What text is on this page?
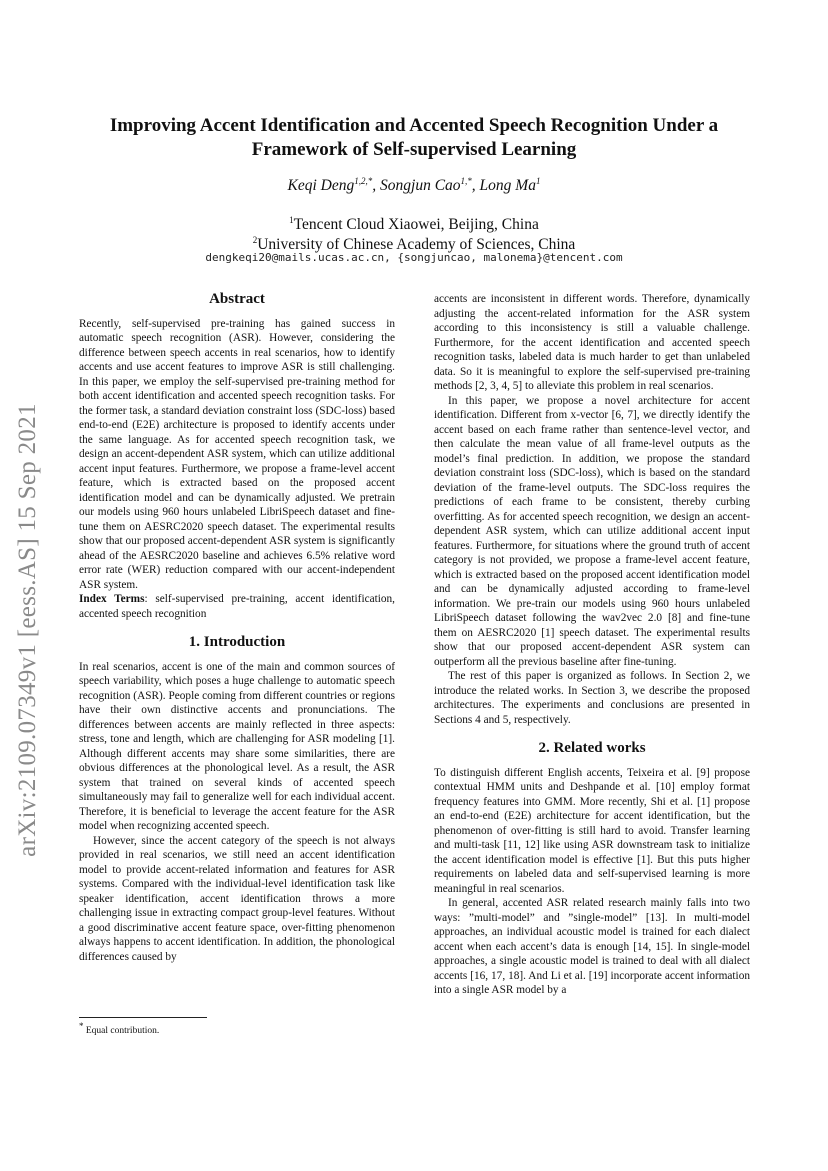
arXiv:2109.07349v1 [eess.AS] 15 Sep 2021
Improving Accent Identification and Accented Speech Recognition Under a
Framework of Self-supervised Learning
Keqi Deng$^{1,2,*}$, Songjun Cao$^{1,*}$, Long Ma$^1$
$^1$Tencent Cloud Xiaowei, Beijing, China
$^2$University of Chinese Academy of Sciences, China
dengkeqi20@mails.ucas.ac.cn, {songjuncao, malonema}@tencent.com
Abstract

Recently, self-supervised pre-training has gained success in automatic speech recognition (ASR). However, considering the difference between speech accents in real scenarios, how to identify accents and use accent features to improve ASR is still challenging. In this paper, we employ the self-supervised pre-training method for both accent identification and accented speech recognition tasks. For the former task, a standard deviation constraint loss (SDC-loss) based end-to-end (E2E) architecture is proposed to identify accents under the same language. As for accented speech recognition task, we design an accent-dependent ASR system, which can utilize additional accent input features. Furthermore, we propose a frame-level accent feature, which is extracted based on the proposed accent identification model and can be dynamically adjusted. We pretrain our models using 960 hours unlabeled LibriSpeech dataset and fine-tune them on AESRC2020 speech dataset. The experimental results show that our proposed accent-dependent ASR system is significantly ahead of the AESRC2020 baseline and achieves 6.5% relative word error rate (WER) reduction compared with our accent-independent ASR system.

Index Terms: self-supervised pre-training, accent identification, accented speech recognition

1. Introduction

In real scenarios, accent is one of the main and common sources of speech variability, which poses a huge challenge to automatic speech recognition (ASR). People coming from different countries or regions have their own distinctive accents and pronunciations. The differences between accents are mainly reflected in three aspects: stress, tone and length, which are challenging for ASR modeling [1]. Although different accents may share some similarities, there are obvious differences at the phonological level. As a result, the ASR system that trained on several kinds of accented speech simultaneously may fail to generalize well for each individual accent. Therefore, it is beneficial to leverage the accent feature for the ASR model when recognizing accented speech.

However, since the accent category of the speech is not always provided in real scenarios, we still need an accent identification model to provide accent-related information and features for ASR systems. Compared with the individual-level identification task like speaker identification, accent identification throws a more challenging issue in extracting compact group-level features. Without a good discriminative accent feature space, over-fitting phenomenon always happens to accent identification. In addition, the phonological differences caused by

accents are inconsistent in different words. Therefore, dynamically adjusting the accent-related information for the ASR system according to this inconsistency is still a valuable challenge. Furthermore, for the accent identification and accented speech recognition tasks, labeled data is much harder to get than unlabeled data. So it is meaningful to explore the self-supervised pre-training methods [2, 3, 4, 5] to alleviate this problem in real scenarios.

In this paper, we propose a novel architecture for accent identification. Different from x-vector [6, 7], we directly identify the accent based on each frame rather than sentence-level vector, and then calculate the mean value of all frame-level outputs as the model’s final prediction. In addition, we propose the standard deviation constraint loss (SDC-loss), which is based on the standard deviation of the frame-level outputs. The SDC-loss requires the predictions of each frame to be consistent, thereby curbing overfitting. As for accented speech recognition, we design an accent-dependent ASR system, which can utilize additional accent input features. Furthermore, for situations where the ground truth of accent category is not provided, we propose a frame-level accent feature, which is extracted based on the proposed accent identification model and can be dynamically adjusted according to frame-level information. We pre-train our models using 960 hours unlabeled LibriSpeech dataset following the wav2vec 2.0 [8] and fine-tune them on AESRC2020 [1] speech dataset. The experimental results show that our proposed accent-dependent ASR system can outperform all the previous baseline after fine-tuning.

The rest of this paper is organized as follows. In Section 2, we introduce the related works. In Section 3, we describe the proposed architectures. The experiments and conclusions are presented in Sections 4 and 5, respectively.

2. Related works

To distinguish different English accents, Teixeira et al. [9] propose contextual HMM units and Deshpande et al. [10] employ format frequency features into GMM. More recently, Shi et al. [1] propose an end-to-end (E2E) architecture for accent identification, but the phenomenon of over-fitting is still hard to avoid. Transfer learning and multi-task [11, 12] like using ASR downstream task to initialize the accent identification model is effective [1]. But this puts higher requirements on labeled data and self-supervised learning is more meaningful in real scenarios.

In general, accented ASR related research mainly falls into two ways: ”multi-model” and ”single-model” [13]. In multi-model approaches, an individual acoustic model is trained for each dialect accent when each accent’s data is enough [14, 15]. In single-model approaches, a single acoustic model is trained to deal with all dialect accents [16, 17, 18]. And Li et al. [19] incorporate accent information into a single ASR model by a

* Equal contribution.
